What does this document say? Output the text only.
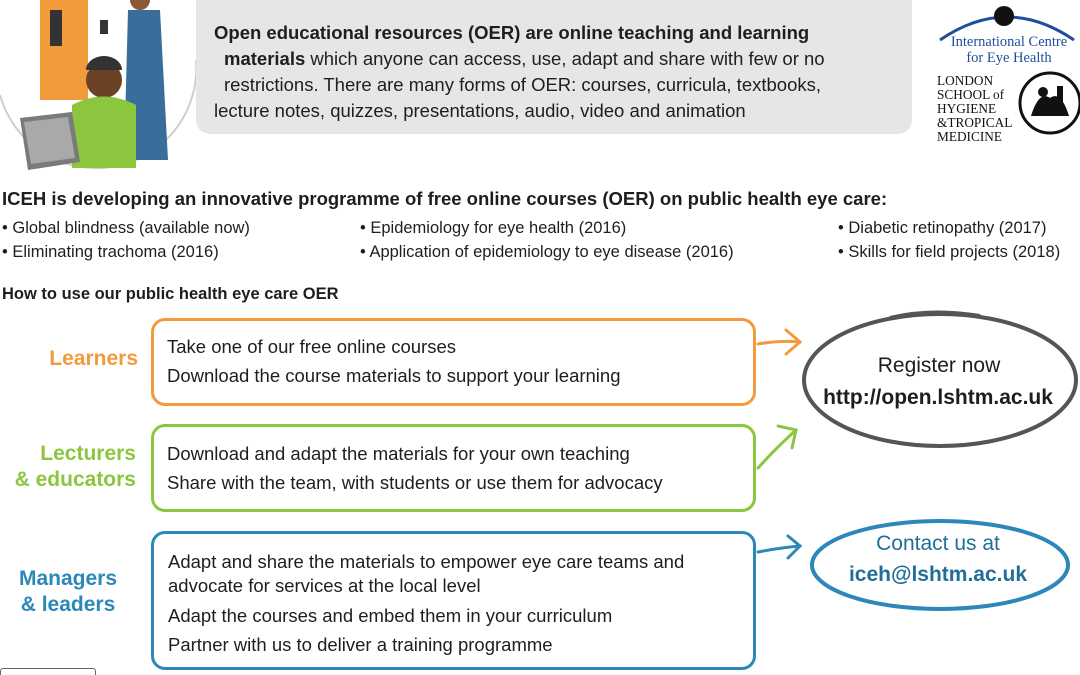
Open educational resources (OER) are online teaching and learning
materials which anyone can access, use, adapt and share with few or no
restrictions. There are many forms of OER: courses, curricula, textbooks,
lecture notes, quizzes, presentations, audio, video and animation
International Centre
for Eye Health
LONDON
SCHOOL of
HYGIENE
&TROPICAL
MEDICINE
ICEH is developing an innovative programme of free online courses (OER) on public health eye care:
• Global blindness (available now)
• Eliminating trachoma (2016)
• Epidemiology for eye health (2016)
• Application of epidemiology to eye disease (2016)
• Diabetic retinopathy (2017)
• Skills for field projects (2018)
How to use our public health eye care OER
Learners
Lecturers
& educators
Managers
& leaders
Take one of our free online courses
Download the course materials to support your learning
Download and adapt the materials for your own teaching
Share with the team, with students or use them for advocacy
Adapt and share the materials to empower eye care teams and
advocate for services at the local level
Adapt the courses and embed them in your curriculum
Partner with us to deliver a training programme
Register now
http://open.lshtm.ac.uk
Contact us at
iceh@lshtm.ac.uk
